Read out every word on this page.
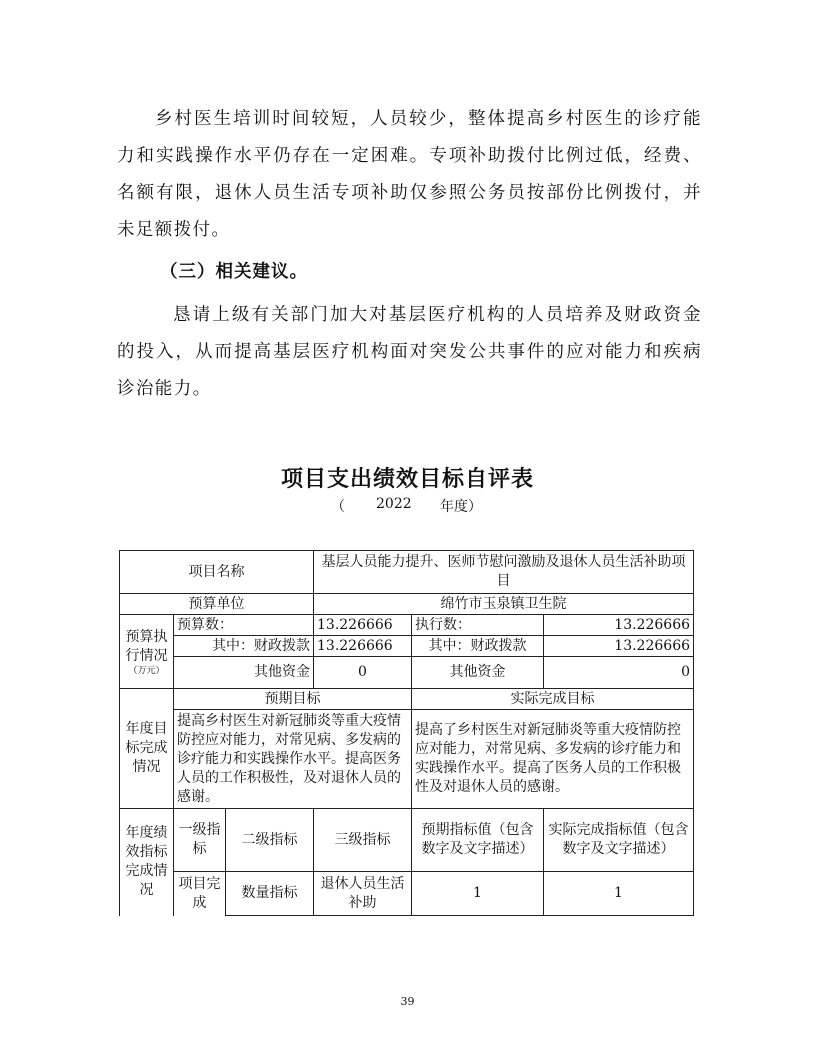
乡村医生培训时间较短，人员较少，整体提高乡村医生的诊疗能力和实践操作水平仍存在一定困难。专项补助拨付比例过低，经费、名额有限，退休人员生活专项补助仅参照公务员按部份比例拨付，并未足额拨付。

（三）相关建议。

恳请上级有关部门加大对基层医疗机构的人员培养及财政资金的投入，从而提高基层医疗机构面对突发公共事件的应对能力和疾病诊治能力。

项目支出绩效目标自评表
（ 2022 年度）
项目名称			基层人员能力提升、医师节慰问激励及退休人员生活补助项目		
预算单位			绵竹市玉泉镇卫生院		
预算执行情况
（万元）	预算数：		13.226666	执行数：	13.226666
	其中：财政拨款		13.226666	其中：财政拨款	13.226666
	其他资金		0	其他资金	0
年度目标完成情况	预期目标			实际完成目标	
	提高乡村医生对新冠肺炎等重大疫情防控应对能力，对常见病、多发病的诊疗能力和实践操作水平。提高医务人员的工作积极性，及对退休人员的感谢。			提高了乡村医生对新冠肺炎等重大疫情防控应对能力，对常见病、多发病的诊疗能力和实践操作水平。提高了医务人员的工作积极性及对退休人员的感谢。	
年度绩效指标完成情况	一级指标	二级指标	三级指标	预期指标值（包含数字及文字描述）	实际完成指标值（包含数字及文字描述）
	项目完成	数量指标	退休人员生活补助	1	1
39
